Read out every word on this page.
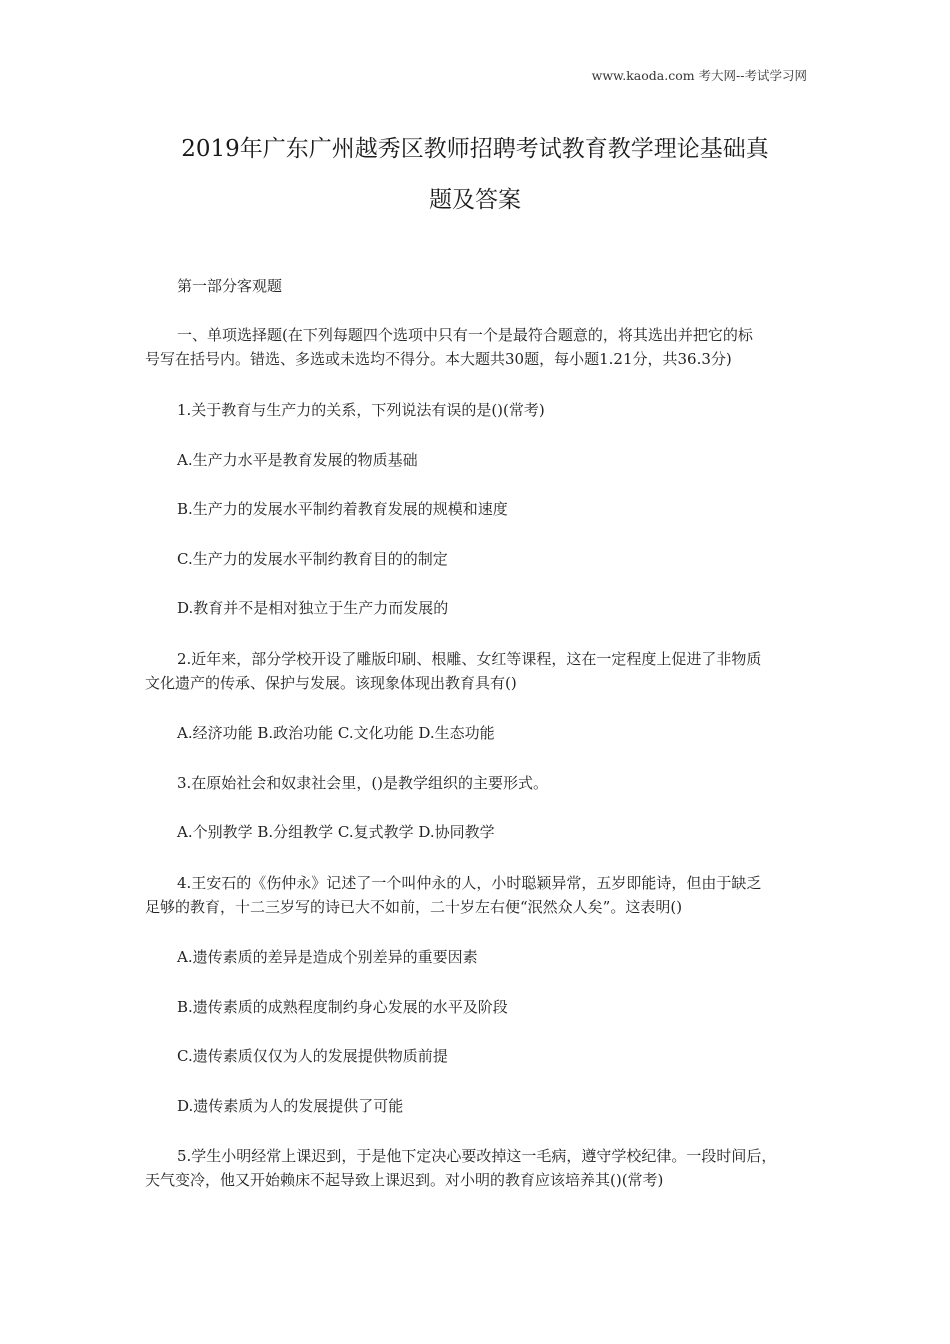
www.kaoda.com 考大网--考试学习网
2019年广东广州越秀区教师招聘考试教育教学理论基础真
题及答案
第一部分客观题
一、单项选择题(在下列每题四个选项中只有一个是最符合题意的，将其选出并把它的标
号写在括号内。错选、多选或未选均不得分。本大题共30题，每小题1.21分，共36.3分)
1.关于教育与生产力的关系，下列说法有误的是()(常考)
A.生产力水平是教育发展的物质基础
B.生产力的发展水平制约着教育发展的规模和速度
C.生产力的发展水平制约教育目的的制定
D.教育并不是相对独立于生产力而发展的
2.近年来，部分学校开设了雕版印刷、根雕、女红等课程，这在一定程度上促进了非物质
文化遗产的传承、保护与发展。该现象体现出教育具有()
A.经济功能 B.政治功能 C.文化功能 D.生态功能
3.在原始社会和奴隶社会里，()是教学组织的主要形式。
A.个别教学 B.分组教学 C.复式教学 D.协同教学
4.王安石的《伤仲永》记述了一个叫仲永的人，小时聪颖异常，五岁即能诗，但由于缺乏
足够的教育，十二三岁写的诗已大不如前，二十岁左右便“泯然众人矣”。这表明()
A.遗传素质的差异是造成个别差异的重要因素
B.遗传素质的成熟程度制约身心发展的水平及阶段
C.遗传素质仅仅为人的发展提供物质前提
D.遗传素质为人的发展提供了可能
5.学生小明经常上课迟到，于是他下定决心要改掉这一毛病，遵守学校纪律。一段时间后，
天气变冷，他又开始赖床不起导致上课迟到。对小明的教育应该培养其()(常考)
